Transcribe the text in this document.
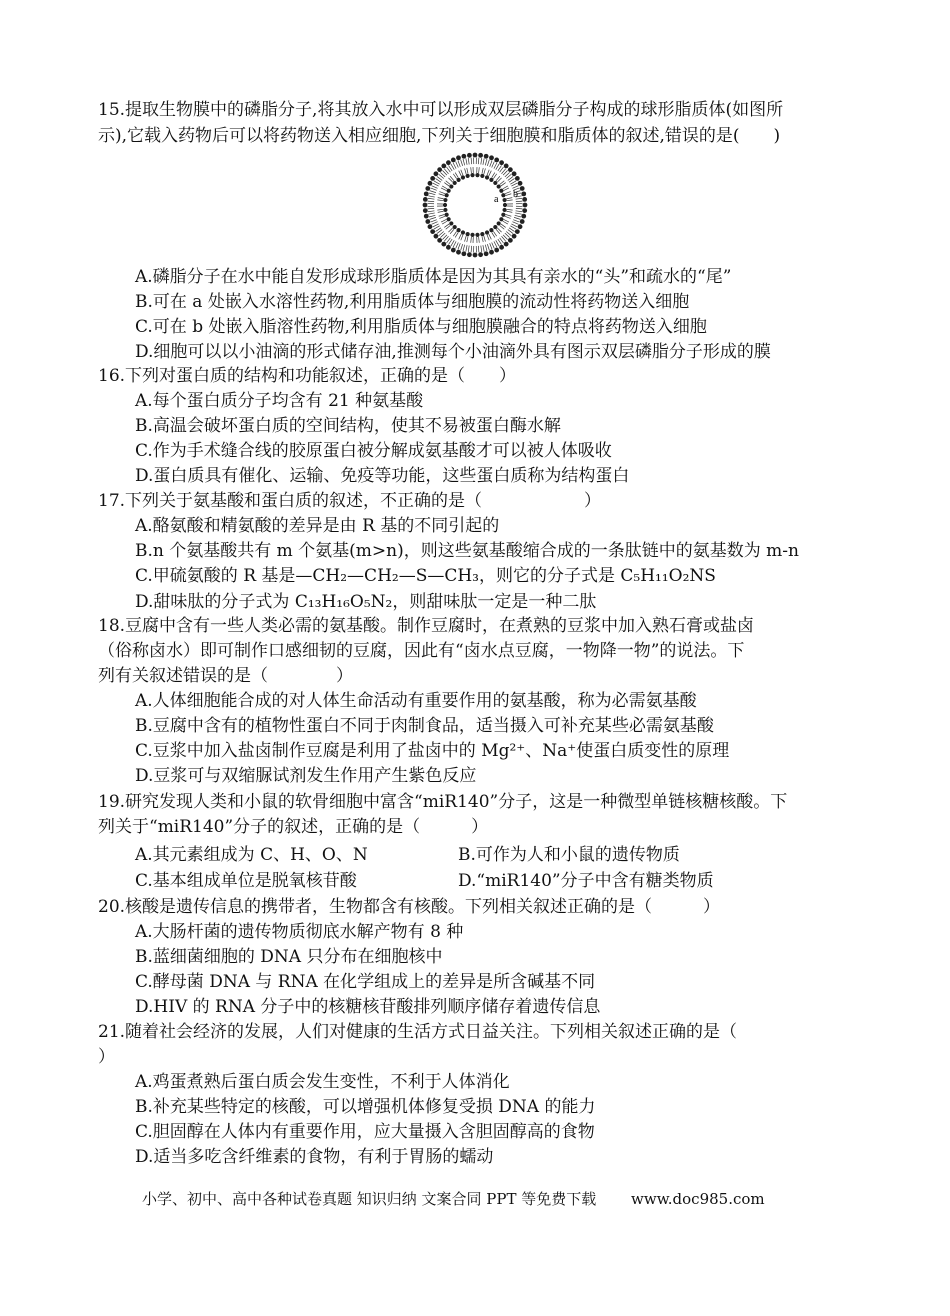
15.提取生物膜中的磷脂分子,将其放入水中可以形成双层磷脂分子构成的球形脂质体(如图所
示),它载入药物后可以将药物送入相应细胞,下列关于细胞膜和脂质体的叙述,错误的是(　　)
a b
A.磷脂分子在水中能自发形成球形脂质体是因为其具有亲水的“头”和疏水的“尾”
B.可在 a 处嵌入水溶性药物,利用脂质体与细胞膜的流动性将药物送入细胞
C.可在 b 处嵌入脂溶性药物,利用脂质体与细胞膜融合的特点将药物送入细胞
D.细胞可以以小油滴的形式储存油,推测每个小油滴外具有图示双层磷脂分子形成的膜
16.下列对蛋白质的结构和功能叙述，正确的是（　　）
A.每个蛋白质分子均含有 21 种氨基酸
B.高温会破坏蛋白质的空间结构，使其不易被蛋白酶水解
C.作为手术缝合线的胶原蛋白被分解成氨基酸才可以被人体吸收
D.蛋白质具有催化、运输、免疫等功能，这些蛋白质称为结构蛋白
17.下列关于氨基酸和蛋白质的叙述，不正确的是（　　　　　　）
A.酪氨酸和精氨酸的差异是由 R 基的不同引起的
B.n 个氨基酸共有 m 个氨基(m>n)，则这些氨基酸缩合成的一条肽链中的氨基数为 m-n
C.甲硫氨酸的 R 基是—CH₂—CH₂—S—CH₃，则它的分子式是 C₅H₁₁O₂NS
D.甜味肽的分子式为 C₁₃H₁₆O₅N₂，则甜味肽一定是一种二肽
18.豆腐中含有一些人类必需的氨基酸。制作豆腐时，在煮熟的豆浆中加入熟石膏或盐卤
（俗称卤水）即可制作口感细韧的豆腐，因此有“卤水点豆腐，一物降一物”的说法。下
列有关叙述错误的是（　　　　）
A.人体细胞能合成的对人体生命活动有重要作用的氨基酸，称为必需氨基酸
B.豆腐中含有的植物性蛋白不同于肉制食品，适当摄入可补充某些必需氨基酸
C.豆浆中加入盐卤制作豆腐是利用了盐卤中的 Mg²⁺、Na⁺使蛋白质变性的原理
D.豆浆可与双缩脲试剂发生作用产生紫色反应
19.研究发现人类和小鼠的软骨细胞中富含“miR140”分子，这是一种微型单链核糖核酸。下
列关于“miR140”分子的叙述，正确的是（　　　）
A.其元素组成为 C、H、O、N	B.可作为人和小鼠的遗传物质
C.基本组成单位是脱氧核苷酸	D.“miR140”分子中含有糖类物质
20.核酸是遗传信息的携带者，生物都含有核酸。下列相关叙述正确的是（　　　）
A.大肠杆菌的遗传物质彻底水解产物有 8 种
B.蓝细菌细胞的 DNA 只分布在细胞核中
C.酵母菌 DNA 与 RNA 在化学组成上的差异是所含碱基不同
D.HIV 的 RNA 分子中的核糖核苷酸排列顺序储存着遗传信息
21.随着社会经济的发展，人们对健康的生活方式日益关注。下列相关叙述正确的是（
）
A.鸡蛋煮熟后蛋白质会发生变性，不利于人体消化
B.补充某些特定的核酸，可以增强机体修复受损 DNA 的能力
C.胆固醇在人体内有重要作用，应大量摄入含胆固醇高的食物
D.适当多吃含纤维素的食物，有利于胃肠的蠕动
小学、初中、高中各种试卷真题 知识归纳 文案合同 PPT 等免费下载 www.doc985.com
